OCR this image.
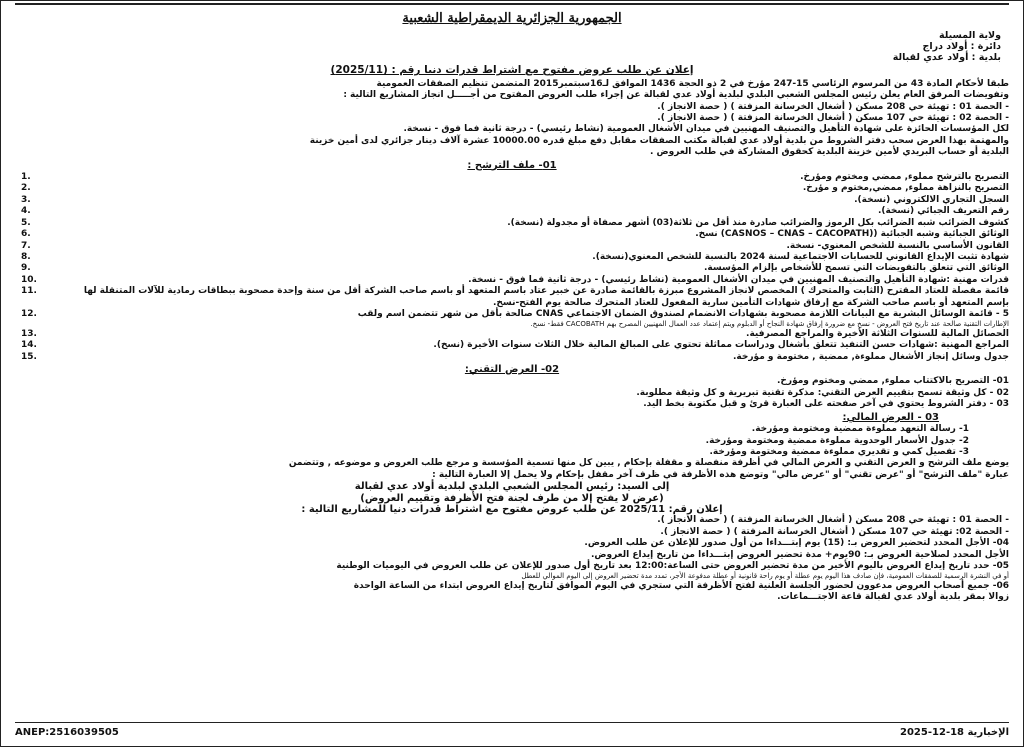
الجمهورية الجزائرية الديمقراطية الشعبية
ولاية المسيلة
دائرة : أولاد دراج
بلدية : أولاد عدي لقبالة
إعلان عن طلب عروض مفتوح مع اشتراط قدرات دنيا رقم : (2025/11)

طبقا لأحكام المادة 43 من المرسوم الرئاسي 15-247 مؤرخ في 2 ذو الحجة 1436 الموافق لـ16سبتمبر2015 المتضمن تنظيم الصفقات العمومية

وتفويضات المرفق العام يعلن رئيس المجلس الشعبي البلدي لبلدية أولاد عدي لقبالة عن إجراء طلب العروض المفتوح من أجـــــل انجاز المشاريع التالية :

- الحصة 01 : تهيئة حي 208 مسكن ( أشغال الخرسانة المزفتة ) ( حصة الانجاز ).

- الحصة 02 : تهيئة حي 107 مسكن ( أشغال الخرسانة المزفتة ) ( حصة الانجاز ).

لكل المؤسسات الحائزة على شهادة التأهيل والتصنيف المهنيين في ميدان الأشغال العمومية (نشاط رئيسي) - درجة ثانية فما فوق - نسخة.

والمهتمة بهذا العرض سحب دفتر الشروط من بلدية أولاد عدي لقبالة مكتب الصفقات مقابل دفع مبلغ قدره 10000.00 عشرة آلاف دينار جزائري لدى أمين خزينة

البلدية أو حساب البريدي لأمين خزينة البلدية كحقوق المشاركة في طلب العروض .

01- ملف الترشح :
التصريح بالترشح مملوء, ممضي ومختوم ومؤرخ.
1.
التصريح بالنزاهة مملوء, ممضي,مختوم و مؤرخ.
2.
السجل التجاري الالكتروني (نسخة).
3.
رقم التعريف الجبائي (نسخة).
4.
كشوف الضرائب شبه الضرائب بكل الرموز والضرائب صادرة منذ أقل من ثلاثة(03) أشهر مصفاة أو مجدولة (نسخة).
5.
الوثائق الجبائية وشبه الجبائية ((CASNOS – CNAS – CACOPATH) نسخ.
6.
القانون الأساسي بالنسبة للشخص المعنوي- نسخة.
7.
شهادة تثبت الإيداع القانوني للحسابات الاجتماعية لسنة 2024 بالنسبة للشخص المعنوي(نسخة).
8.
الوثائق التي تتعلق بالتفويضات التي تسمح للأشخاص بإلزام المؤسسة.
9.
قدرات مهنية :شهادة التأهيل والتصنيف المهنيين في ميدان الأشغال العمومية (نشاط رئيسي) - درجة ثانية فما فوق - نسخة.
10.
قائمة مفصلة للعتاد المقترح (الثابت والمتحرك ) المخصص لانجاز المشروع مبرزة بالقائمة صادرة عن خبير عتاد باسم المتعهد أو باسم صاحب الشركة أقل من سنة وإحدة مصحوبة ببطاقات رمادية للآلات المتنقلة لها بإسم المتعهد أو باسم صاحب الشركة مع إرفاق شهادات التأمين سارية المفعول للعتاد المتحرك صالحة يوم الفتح-نسخ.
11.
5 - قائمة الوسائل البشرية مع البيانات اللازمة مصحوبة بشهادات الانضمام لصندوق الضمان الاجتماعي CNAS صالحة بأقل من شهر تتضمن اسم ولقب
12.
الإطارات التقنية صالحة عند تاريخ فتح العروض - نسخ مع ضرورة إرفاق شهادة النجاح أو الدبلوم ويتم إعتماد عدد العمال المهنيين المصرح بهم CACOBATH فقط- نسخ.
الحصائل المالية للسنوات الثلاثة الأخيرة والمراجع المصرفية.
13.
المراجع المهنية :شهادات حسن التنفيذ تتعلق بأشغال ودراسات مماثلة تحتوي على المبالغ المالية خلال الثلاث سنوات الأخيرة (نسخ).
14.
جدول وسائل إنجاز الأشغال مملوءة, ممضية , مختومة و مؤرخة.
15.
02- العرض التقني:

01- التصريح بالاكتتاب مملوء, ممضي ومختوم ومؤرخ.

02 - كل وثيقة تسمح بتقييم العرض التقني: مذكرة تقنية تبريرية و كل وثيقة مطلوبة.

03 - دفتر الشروط يحتوي في آخر صفحته على العبارة قرئ و قبل مكتوبة بخط اليد.

03 - العرض المالي:

1- رسالة التعهد مملوءة ممضية ومختومة ومؤرخة.

2- جدول الأسعار الوحدوية مملوءة ممضية ومختومة ومؤرخة.

3- تفصيل كمي و تقديري مملوءة ممضية ومختومة ومؤرخة.

يوضع ملف الترشح و العرض التقني و العرض المالي في أظرفة منفصلة و مقفلة بإحكام , يبين كل منها تسمية المؤسسة و مرجع طلب العروض و موضوعه , وتتضمن

عبارة "ملف الترشح" أو "عرض تقني" أو "عرض مالي" وتوضع هذه الأظرفة في ظرف آخر مقفل بإحكام ولا يحمل إلا العبارة التالية :

إلى السيد: رئيس المجلس الشعبي البلدي لبلدية أولاد عدي لقبالة
(عرض لا يفتح إلا من طرف لجنة فتح الأظرفة وتقييم العروض)
إعلان رقم: 2025/11 عن طلب عروض مفتوح مع اشتراط قدرات دنيا للمشاريع التالية :

- الحصة 01 : تهيئة حي 208 مسكن ( أشغال الخرسانة المزفتة ) ( حصة الانجاز ).

- الحصة 02: تهيئة حي 107 مسكن ( أشغال الخرسانة المزفتة ) ( حصة الانجاز ).

04- الأجل المحدد لتحضير العروض بـ: (15) يوم إبتـــداءا من أول صدور للإعلان عن طلب العروض.

الأجل المحدد لصلاحية العروض بـ: 90يوم+ مدة تحضير العروض إبتـــداءا من تاريخ إيداع العروض.

05- حدد تاريخ إيداع العروض باليوم الأخير من مدة تحضير العروض حتى الساعة:12:00 بعد تاريخ أول صدور للإعلان عن طلب العروض في اليوميات الوطنية

أو في النشرة الرسمية للصفقات العمومية، فإن صادف هذا اليوم يوم عطلة أو يوم راحة قانونية أو عطلة مدفوعة الأجر، تمدد مدة تحضير العروض إلى اليوم الموالي للعطل

06- جميع أصحاب العروض مدعوون لحضور الجلسة العلنية لفتح الأظرفة التي ستجري في اليوم الموافق لتاريخ إيداع العروض ابتداء من الساعة الواحدة

زوالا بمقر بلدية أولاد عدي لقبالة قاعة الاجتـــماعات.

الإخبارية 18-12-2025
ANEP:2516039505
